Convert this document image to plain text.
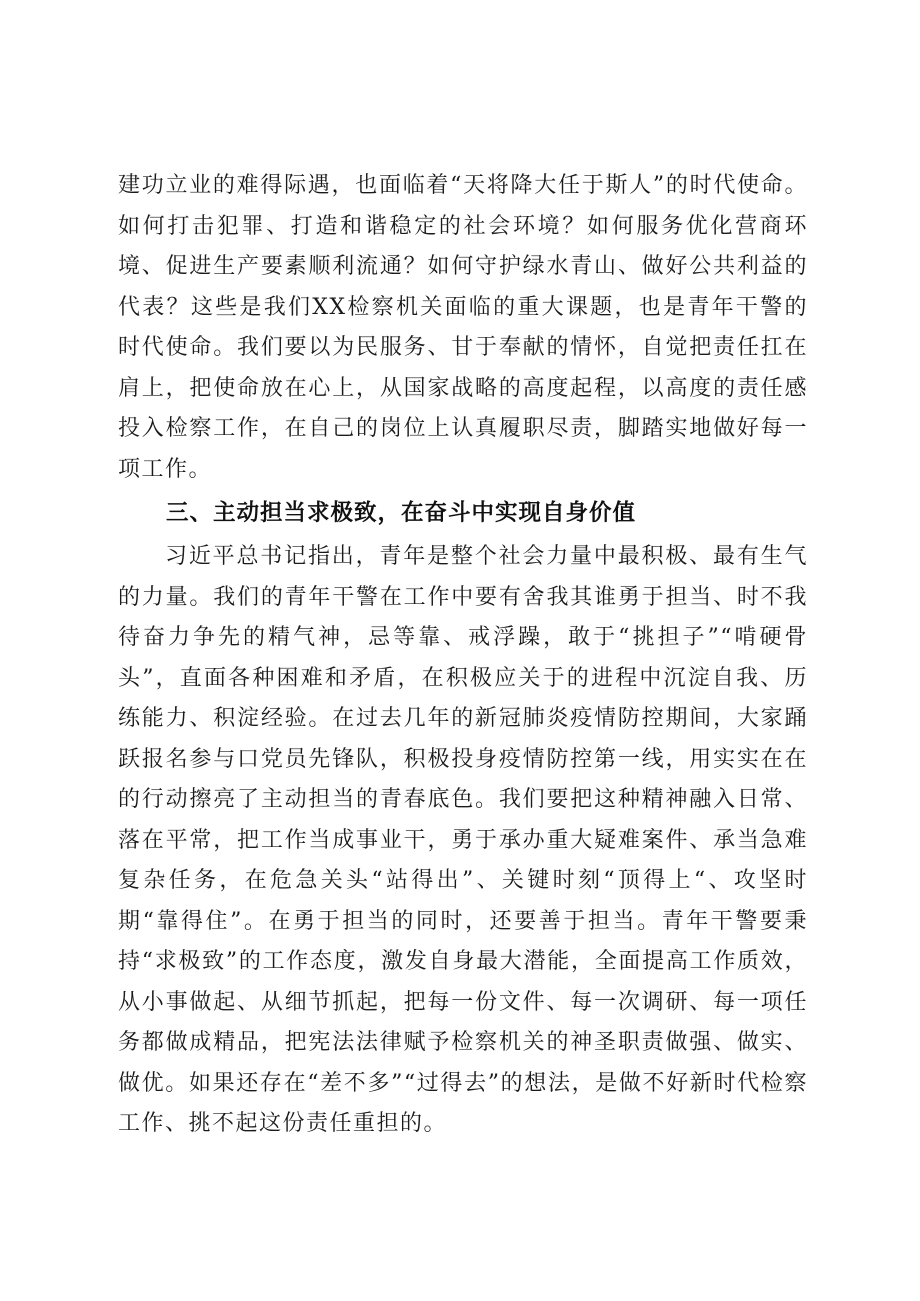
建功立业的难得际遇，也面临着“天将降大任于斯人”的时代使命。如何打击犯罪、打造和谐稳定的社会环境？如何服务优化营商环境、促进生产要素顺利流通？如何守护绿水青山、做好公共利益的代表？这些是我们XX检察机关面临的重大课题，也是青年干警的时代使命。我们要以为民服务、甘于奉献的情怀，自觉把责任扛在肩上，把使命放在心上，从国家战略的高度起程，以高度的责任感投入检察工作，在自己的岗位上认真履职尽责，脚踏实地做好每一项工作。

三、主动担当求极致，在奋斗中实现自身价值

习近平总书记指出，青年是整个社会力量中最积极、最有生气的力量。我们的青年干警在工作中要有舍我其谁勇于担当、时不我待奋力争先的精气神，忌等靠、戒浮躁，敢于“挑担子”“啃硬骨头”，直面各种困难和矛盾，在积极应关于的进程中沉淀自我、历练能力、积淀经验。在过去几年的新冠肺炎疫情防控期间，大家踊跃报名参与口党员先锋队，积极投身疫情防控第一线，用实实在在的行动擦亮了主动担当的青春底色。我们要把这种精神融入日常、落在平常，把工作当成事业干，勇于承办重大疑难案件、承当急难复杂任务，在危急关头“站得出”、关键时刻“顶得上“、攻坚时期“靠得住”。在勇于担当的同时，还要善于担当。青年干警要秉持“求极致”的工作态度，激发自身最大潜能，全面提高工作质效，从小事做起、从细节抓起，把每一份文件、每一次调研、每一项任务都做成精品，把宪法法律赋予检察机关的神圣职责做强、做实、做优。如果还存在“差不多”“过得去”的想法，是做不好新时代检察工作、挑不起这份责任重担的。
